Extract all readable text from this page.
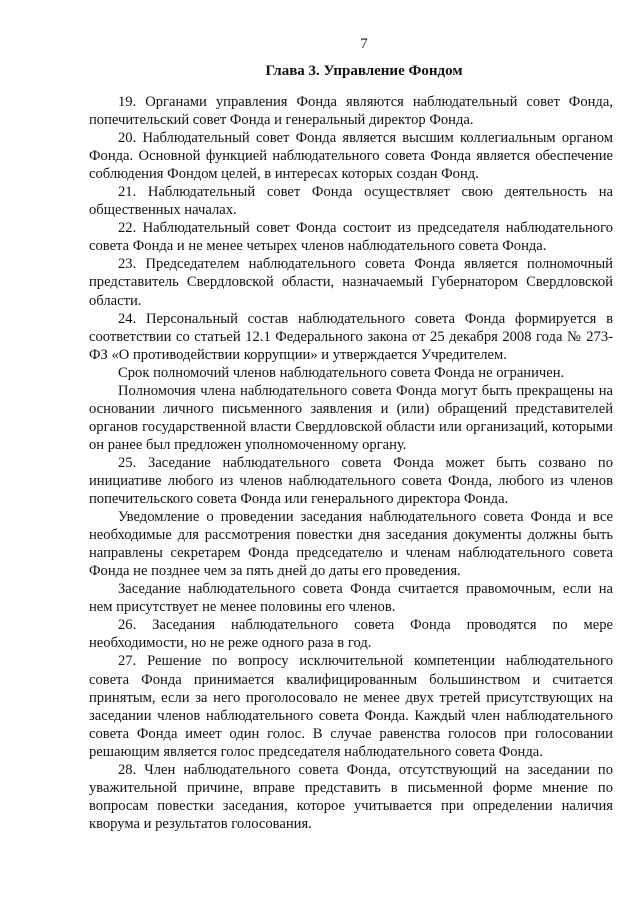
7
Глава 3. Управление Фондом

19. Органами управления Фонда являются наблюдательный совет Фонда, попечительский совет Фонда и генеральный директор Фонда.

20. Наблюдательный совет Фонда является высшим коллегиальным органом Фонда. Основной функцией наблюдательного совета Фонда является обеспечение соблюдения Фондом целей, в интересах которых создан Фонд.

21. Наблюдательный совет Фонда осуществляет свою деятельность на общественных началах.

22. Наблюдательный совет Фонда состоит из председателя наблюдательного совета Фонда и не менее четырех членов наблюдательного совета Фонда.

23. Председателем наблюдательного совета Фонда является полномочный представитель Свердловской области, назначаемый Губернатором Свердловской области.

24. Персональный состав наблюдательного совета Фонда формируется в соответствии со статьей 12.1 Федерального закона от 25 декабря 2008 года № 273-ФЗ «О противодействии коррупции» и утверждается Учредителем.

Срок полномочий членов наблюдательного совета Фонда не ограничен.

Полномочия члена наблюдательного совета Фонда могут быть прекращены на основании личного письменного заявления и (или) обращений представителей органов государственной власти Свердловской области или организаций, которыми он ранее был предложен уполномоченному органу.

25. Заседание наблюдательного совета Фонда может быть созвано по инициативе любого из членов наблюдательного совета Фонда, любого из членов попечительского совета Фонда или генерального директора Фонда.

Уведомление о проведении заседания наблюдательного совета Фонда и все необходимые для рассмотрения повестки дня заседания документы должны быть направлены секретарем Фонда председателю и членам наблюдательного совета Фонда не позднее чем за пять дней до даты его проведения.

Заседание наблюдательного совета Фонда считается правомочным, если на нем присутствует не менее половины его членов.

26. Заседания наблюдательного совета Фонда проводятся по мере необходимости, но не реже одного раза в год.

27. Решение по вопросу исключительной компетенции наблюдательного совета Фонда принимается квалифицированным большинством и считается принятым, если за него проголосовало не менее двух третей присутствующих на заседании членов наблюдательного совета Фонда. Каждый член наблюдательного совета Фонда имеет один голос. В случае равенства голосов при голосовании решающим является голос председателя наблюдательного совета Фонда.

28. Член наблюдательного совета Фонда, отсутствующий на заседании по уважительной причине, вправе представить в письменной форме мнение по вопросам повестки заседания, которое учитывается при определении наличия кворума и результатов голосования.
